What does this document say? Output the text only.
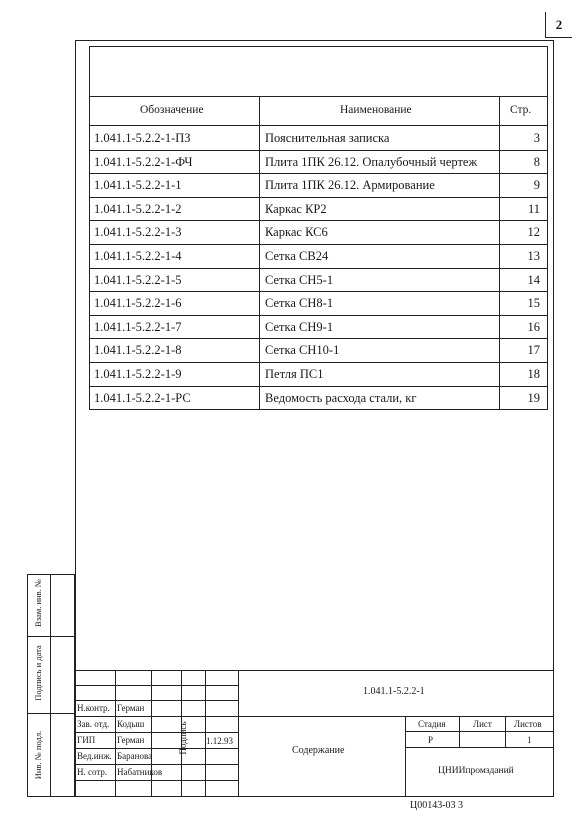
2
Обозначение	Наименование	Стр.
1.041.1-5.2.2-1-ПЗ	Пояснительная записка	3
1.041.1-5.2.2-1-ФЧ	Плита 1ПК 26.12. Опалубочный чертеж	8
1.041.1-5.2.2-1-1	Плита 1ПК 26.12. Армирование	9
1.041.1-5.2.2-1-2	Каркас КР2	11
1.041.1-5.2.2-1-3	Каркас КС6	12
1.041.1-5.2.2-1-4	Сетка СВ24	13
1.041.1-5.2.2-1-5	Сетка СН5-1	14
1.041.1-5.2.2-1-6	Сетка СН8-1	15
1.041.1-5.2.2-1-7	Сетка СН9-1	16
1.041.1-5.2.2-1-8	Сетка СН10-1	17
1.041.1-5.2.2-1-9	Петля ПС1	18
1.041.1-5.2.2-1-РС	Ведомость расхода стали, кг	19
Взам. инв. №
Подпись и дата
Инв. № подл.
1.041.1-5.2.2-1
Н.контр. Герман
Зав. отд. Кодыш
ГИП Герман
Вед.инж. Баранова
Н. сотр. Набатников
Подпись 1.12.93
Содержание
Стадия	Лист Листов
Р	1
ЦНИИпромзданий
Ц00143-03 3
